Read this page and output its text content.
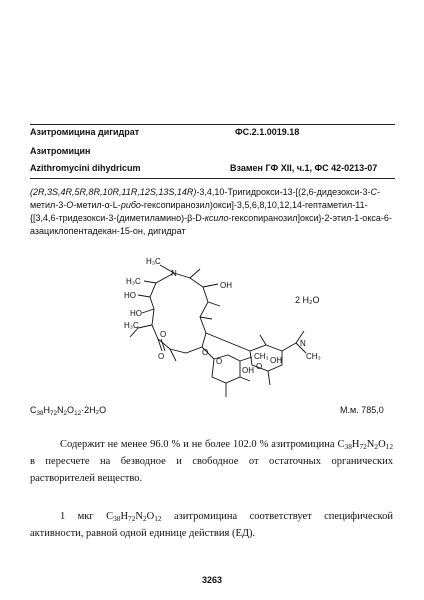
Азитромицина дигидрат	ФС.2.1.0019.18
Азитромицин
Azithromycini dihydricum	Взамен ГФ XII, ч.1, ФС 42-0213-07
(2R,3S,4R,5R,8R,10R,11R,12S,13S,14R)-3,4,10-Тригидрокси-13-[(2,6-дидезокси-3-С-метил-3-О-метил-α-L-рибо-гексопиранозил)окси]-3,5,6,8,10,12,14-гептаметил-11-{[3,4,6-тридезокси-3-(диметиламино)-β-D-ксило-гексопиранозил]окси}-2-этил-1-окса-6-азациклопентадекан-15-он, дигидрат
N
H₃C
OH
HO
H₃C
HO
H₃C
O
O	O
O
OH
CH₃
O
OH
N
CH₃
2 H₂O
$C_{38}H_{72}N_2O_{12}\cdot 2H_2O$	М.м. 785,0
Содержит не менее 96.0 % и не более 102.0 % азитромицина $C_{38}H_{72}N_2O_{12}$ в пересчете на безводное и свободное от остаточных органических растворителей вещество.
1 мкг $C_{38}H_{72}N_2O_{12}$ азитромицина соответствует специфической активности, равной одной единице действия (ЕД).
3263
